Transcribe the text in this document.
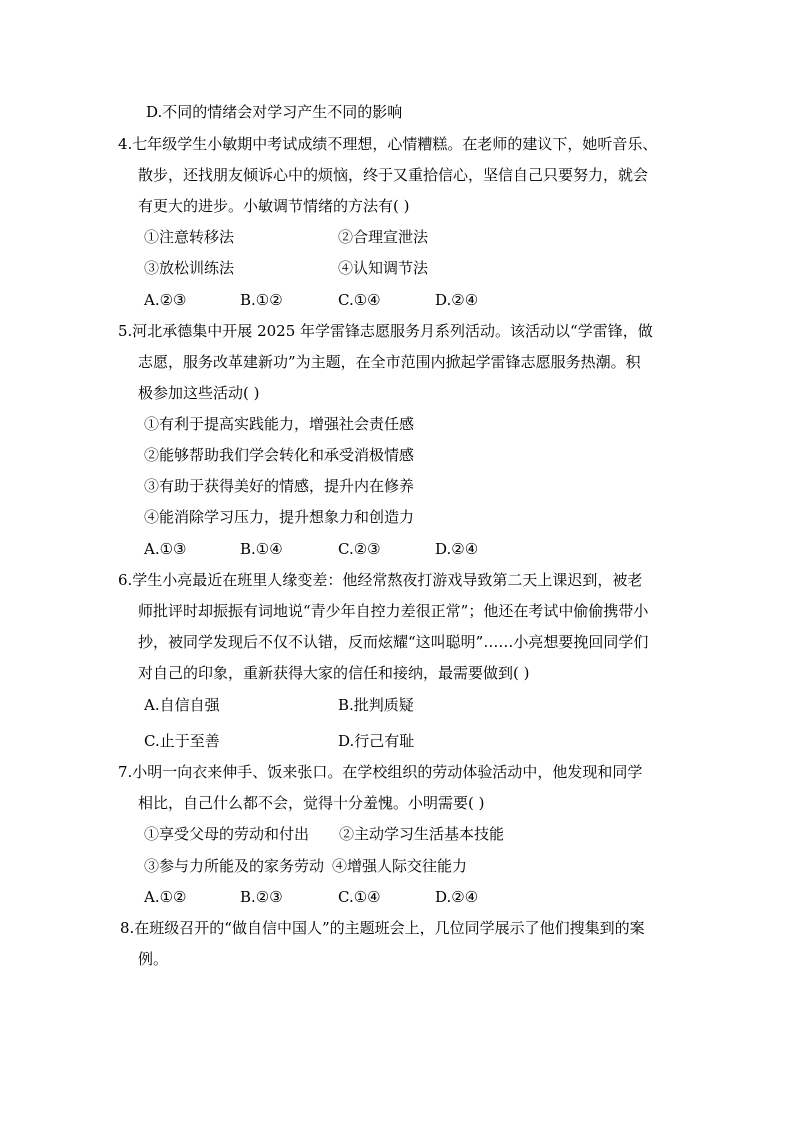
D.不同的情绪会对学习产生不同的影响
4.七年级学生小敏期中考试成绩不理想，心情糟糕。在老师的建议下，她听音乐、
散步，还找朋友倾诉心中的烦恼，终于又重拾信心，坚信自己只要努力，就会
有更大的进步。小敏调节情绪的方法有( )
①注意转移法	②合理宣泄法
③放松训练法	④认知调节法
A.②③	B.①②	C.①④	D.②④
5.河北承德集中开展 2025 年学雷锋志愿服务月系列活动。该活动以“学雷锋，做
志愿，服务改革建新功”为主题，在全市范围内掀起学雷锋志愿服务热潮。积
极参加这些活动( )
①有利于提高实践能力，增强社会责任感
②能够帮助我们学会转化和承受消极情感
③有助于获得美好的情感，提升内在修养
④能消除学习压力，提升想象力和创造力
A.①③	B.①④	C.②③	D.②④
6.学生小亮最近在班里人缘变差：他经常熬夜打游戏导致第二天上课迟到，被老
师批评时却振振有词地说“青少年自控力差很正常”；他还在考试中偷偷携带小
抄，被同学发现后不仅不认错，反而炫耀“这叫聪明”……小亮想要挽回同学们
对自己的印象，重新获得大家的信任和接纳，最需要做到( )
A.自信自强	B.批判质疑
C.止于至善	D.行己有耻
7.小明一向衣来伸手、饭来张口。在学校组织的劳动体验活动中，他发现和同学
相比，自己什么都不会，觉得十分羞愧。小明需要( )
①享受父母的劳动和付出 ②主动学习生活基本技能
③参与力所能及的家务劳动 ④增强人际交往能力
A.①②	B.②③	C.①④	D.②④
8.在班级召开的“做自信中国人”的主题班会上，几位同学展示了他们搜集到的案
例。
